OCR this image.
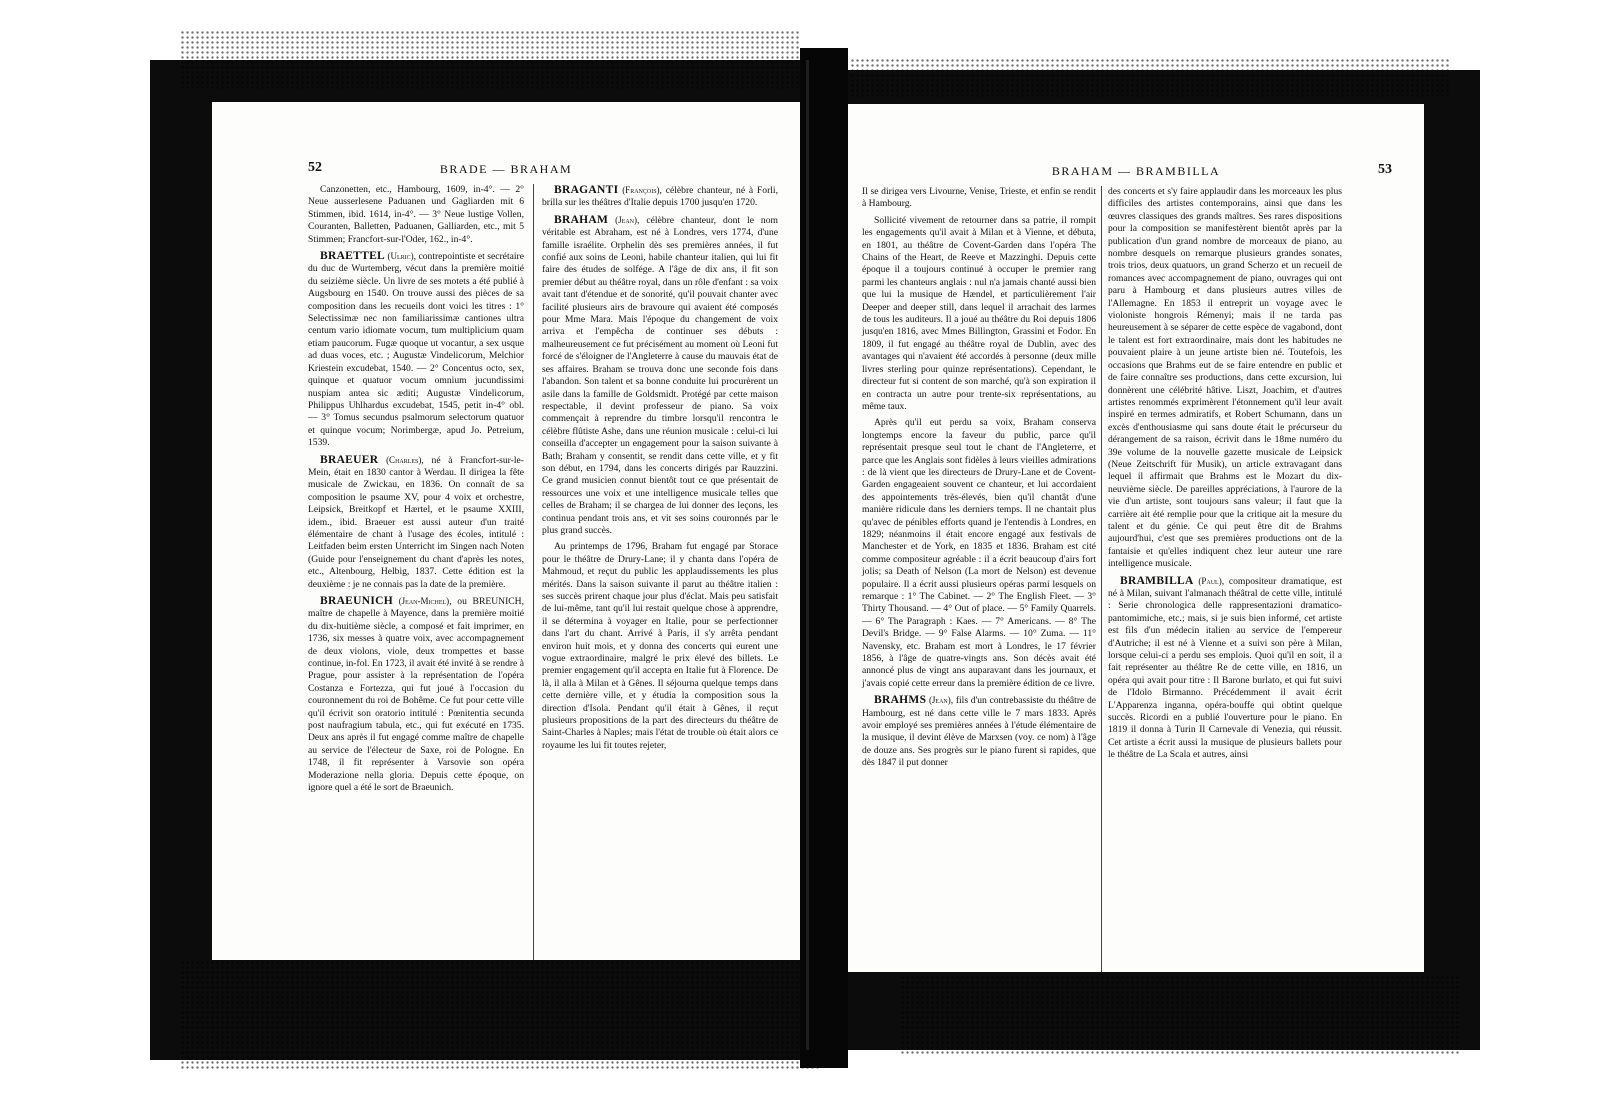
52	BRADE — BRAHAM

Canzonetten, etc., Hambourg, 1609, in-4°. — 2° Neue ausserlesene Paduanen und Gagliarden mit 6 Stimmen, ibid. 1614, in-4°. — 3° Neue lustige Vollen, Couranten, Balletten, Paduanen, Galliarden, etc., mit 5 Stimmen; Francfort-sur-l'Oder, 162., in-4°.

BRAETTEL (Ulric), contrepointiste et secrétaire du duc de Wurtemberg, vécut dans la première moitié du seizième siècle. Un livre de ses motets a été publié à Augsbourg en 1540. On trouve aussi des pièces de sa composition dans les recueils dont voici les titres : 1° Selectissimæ nec non familiarissimæ cantiones ultra centum vario idiomate vocum, tum multiplicium quam etiam paucorum. Fugæ quoque ut vocantur, a sex usque ad duas voces, etc. ; Augustæ Vindelicorum, Melchior Kriestein excudebat, 1540. — 2° Concentus octo, sex, quinque et quatuor vocum omnium jucundissimi nuspiam antea sic æditi; Augustæ Vindelicorum, Philippus Uhlhardus excudebat, 1545, petit in-4° obl. — 3° Tomus secundus psalmorum selectorum quatuor et quinque vocum; Norimbergæ, apud Jo. Petreium, 1539.

BRAEUER (Charles), né à Francfort-sur-le-Mein, était en 1830 cantor à Werdau. Il dirigea la fête musicale de Zwickau, en 1836. On connaît de sa composition le psaume XV, pour 4 voix et orchestre, Leipsick, Breitkopf et Hærtel, et le psaume XXIII, idem., ibid. Braeuer est aussi auteur d'un traité élémentaire de chant à l'usage des écoles, intitulé : Leitfaden beim ersten Unterricht im Singen nach Noten (Guide pour l'enseignement du chant d'après les notes, etc., Altenbourg, Helbig, 1837. Cette édition est la deuxième : je ne connais pas la date de la première.

BRAEUNICH (Jean-Michel), ou BREUNICH, maître de chapelle à Mayence, dans la première moitié du dix-huitième siècle, a composé et fait imprimer, en 1736, six messes à quatre voix, avec accompagnement de deux violons, viole, deux trompettes et basse continue, in-fol. En 1723, il avait été invité à se rendre à Prague, pour assister à la représentation de l'opéra Costanza e Fortezza, qui fut joué à l'occasion du couronnement du roi de Bohême. Ce fut pour cette ville qu'il écrivit son oratorio intitulé : Pœnitentia secunda post naufragium tabula, etc., qui fut exécuté en 1735. Deux ans après il fut engagé comme maître de chapelle au service de l'électeur de Saxe, roi de Pologne. En 1748, il fit représenter à Varsovie son opéra Moderazione nella gloria. Depuis cette époque, on ignore quel a été le sort de Braeunich.

BRAGANTI (François), célèbre chanteur, né à Forli, brilla sur les théâtres d'Italie depuis 1700 jusqu'en 1720.

BRAHAM (Jean), célèbre chanteur, dont le nom véritable est Abraham, est né à Londres, vers 1774, d'une famille israélite. Orphelin dès ses premières années, il fut confié aux soins de Leoni, habile chanteur italien, qui lui fit faire des études de solfége. A l'âge de dix ans, il fit son premier début au théâtre royal, dans un rôle d'enfant : sa voix avait tant d'étendue et de sonorité, qu'il pouvait chanter avec facilité plusieurs airs de bravoure qui avaient été composés pour Mme Mara. Mais l'époque du changement de voix arriva et l'empêcha de continuer ses débuts : malheureusement ce fut précisément au moment où Leoni fut forcé de s'éloigner de l'Angleterre à cause du mauvais état de ses affaires. Braham se trouva donc une seconde fois dans l'abandon. Son talent et sa bonne conduite lui procurèrent un asile dans la famille de Goldsmidt. Protégé par cette maison respectable, il devint professeur de piano. Sa voix commençait à reprendre du timbre lorsqu'il rencontra le célèbre flûtiste Ashe, dans une réunion musicale : celui-ci lui conseilla d'accepter un engagement pour la saison suivante à Bath; Braham y consentit, se rendit dans cette ville, et y fit son début, en 1794, dans les concerts dirigés par Rauzzini. Ce grand musicien connut bientôt tout ce que présentait de ressources une voix et une intelligence musicale telles que celles de Braham; il se chargea de lui donner des leçons, les continua pendant trois ans, et vit ses soins couronnés par le plus grand succès.

Au printemps de 1796, Braham fut engagé par Storace pour le théâtre de Drury-Lane; il y chanta dans l'opéra de Mahmoud, et reçut du public les applaudissements les plus mérités. Dans la saison suivante il parut au théâtre italien : ses succès prirent chaque jour plus d'éclat. Mais peu satisfait de lui-même, tant qu'il lui restait quelque chose à apprendre, il se détermina à voyager en Italie, pour se perfectionner dans l'art du chant. Arrivé à Paris, il s'y arrêta pendant environ huit mois, et y donna des concerts qui eurent une vogue extraordinaire, malgré le prix élevé des billets. Le premier engagement qu'il accepta en Italie fut à Florence. De là, il alla à Milan et à Gênes. Il séjourna quelque temps dans cette dernière ville, et y étudia la composition sous la direction d'Isola. Pendant qu'il était à Gênes, il reçut plusieurs propositions de la part des directeurs du théâtre de Saint-Charles à Naples; mais l'état de trouble où était alors ce royaume les lui fit toutes rejeter,

53
BRAHAM — BRAMBILLA

Il se dirigea vers Livourne, Venise, Trieste, et enfin se rendit à Hambourg.

Sollicité vivement de retourner dans sa patrie, il rompit les engagements qu'il avait à Milan et à Vienne, et débuta, en 1801, au théâtre de Covent-Garden dans l'opéra The Chains of the Heart, de Reeve et Mazzinghi. Depuis cette époque il a toujours continué à occuper le premier rang parmi les chanteurs anglais : nul n'a jamais chanté aussi bien que lui la musique de Hændel, et particulièrement l'air Deeper and deeper still, dans lequel il arrachait des larmes de tous les auditeurs. Il a joué au théâtre du Roi depuis 1806 jusqu'en 1816, avec Mmes Billington, Grassini et Fodor. En 1809, il fut engagé au théâtre royal de Dublin, avec des avantages qui n'avaient été accordés à personne (deux mille livres sterling pour quinze représentations). Cependant, le directeur fut si content de son marché, qu'à son expiration il en contracta un autre pour trente-six représentations, au même taux.

Après qu'il eut perdu sa voix, Braham conserva longtemps encore la faveur du public, parce qu'il représentait presque seul tout le chant de l'Angleterre, et parce que les Anglais sont fidèles à leurs vieilles admirations : de là vient que les directeurs de Drury-Lane et de Covent-Garden engageaient souvent ce chanteur, et lui accordaient des appointements très-élevés, bien qu'il chantât d'une manière ridicule dans les derniers temps. Il ne chantait plus qu'avec de pénibles efforts quand je l'entendis à Londres, en 1829; néanmoins il était encore engagé aux festivals de Manchester et de York, en 1835 et 1836. Braham est cité comme compositeur agréable : il a écrit beaucoup d'airs fort jolis; sa Death of Nelson (La mort de Nelson) est devenue populaire. Il a écrit aussi plusieurs opéras parmi lesquels on remarque : 1° The Cabinet. — 2° The English Fleet. — 3° Thirty Thousand. — 4° Out of place. — 5° Family Quarrels. — 6° The Paragraph : Kaes. — 7° Americans. — 8° The Devil's Bridge. — 9° False Alarms. — 10° Zuma. — 11° Navensky, etc. Braham est mort à Londres, le 17 février 1856, à l'âge de quatre-vingts ans. Son décès avait été annoncé plus de vingt ans auparavant dans les journaux, et j'avais copié cette erreur dans la première édition de ce livre.

BRAHMS (Jean), fils d'un contrebassiste du théâtre de Hambourg, est né dans cette ville le 7 mars 1833. Après avoir employé ses premières années à l'étude élémentaire de la musique, il devint élève de Marxsen (voy. ce nom) à l'âge de douze ans. Ses progrès sur le piano furent si rapides, que dès 1847 il put donner

des concerts et s'y faire applaudir dans les morceaux les plus difficiles des artistes contemporains, ainsi que dans les œuvres classiques des grands maîtres. Ses rares dispositions pour la composition se manifestèrent bientôt après par la publication d'un grand nombre de morceaux de piano, au nombre desquels on remarque plusieurs grandes sonates, trois trios, deux quatuors, un grand Scherzo et un recueil de romances avec accompagnement de piano, ouvrages qui ont paru à Hambourg et dans plusieurs autres villes de l'Allemagne. En 1853 il entreprit un voyage avec le violoniste hongrois Rémenyi; mais il ne tarda pas heureusement à se séparer de cette espèce de vagabond, dont le talent est fort extraordinaire, mais dont les habitudes ne pouvaient plaire à un jeune artiste bien né. Toutefois, les occasions que Brahms eut de se faire entendre en public et de faire connaître ses productions, dans cette excursion, lui donnèrent une célébrité hâtive. Liszt, Joachim, et d'autres artistes renommés exprimèrent l'étonnement qu'il leur avait inspiré en termes admiratifs, et Robert Schumann, dans un excès d'enthousiasme qui sans doute était le précurseur du dérangement de sa raison, écrivit dans le 18me numéro du 39e volume de la nouvelle gazette musicale de Leipsick (Neue Zeitschrift für Musik), un article extravagant dans lequel il affirmait que Brahms est le Mozart du dix-neuvième siècle. De pareilles appréciations, à l'aurore de la vie d'un artiste, sont toujours sans valeur; il faut que la carrière ait été remplie pour que la critique ait la mesure du talent et du génie. Ce qui peut être dit de Brahms aujourd'hui, c'est que ses premières productions ont de la fantaisie et qu'elles indiquent chez leur auteur une rare intelligence musicale.

BRAMBILLA (Paul), compositeur dramatique, est né à Milan, suivant l'almanach théâtral de cette ville, intitulé : Serie chronologica delle rappresentazioni dramatico-pantomimiche, etc.; mais, si je suis bien informé, cet artiste est fils d'un médecin italien au service de l'empereur d'Autriche; il est né à Vienne et a suivi son père à Milan, lorsque celui-ci a perdu ses emplois. Quoi qu'il en soit, il a fait représenter au théâtre Re de cette ville, en 1816, un opéra qui avait pour titre : Il Barone burlato, et qui fut suivi de l'Idolo Birmanno. Précédemment il avait écrit L'Apparenza inganna, opéra-bouffe qui obtint quelque succès. Ricordi en a publié l'ouverture pour le piano. En 1819 il donna à Turin Il Carnevale di Venezia, qui réussit. Cet artiste a écrit aussi la musique de plusieurs ballets pour le théâtre de La Scala et autres, ainsi
